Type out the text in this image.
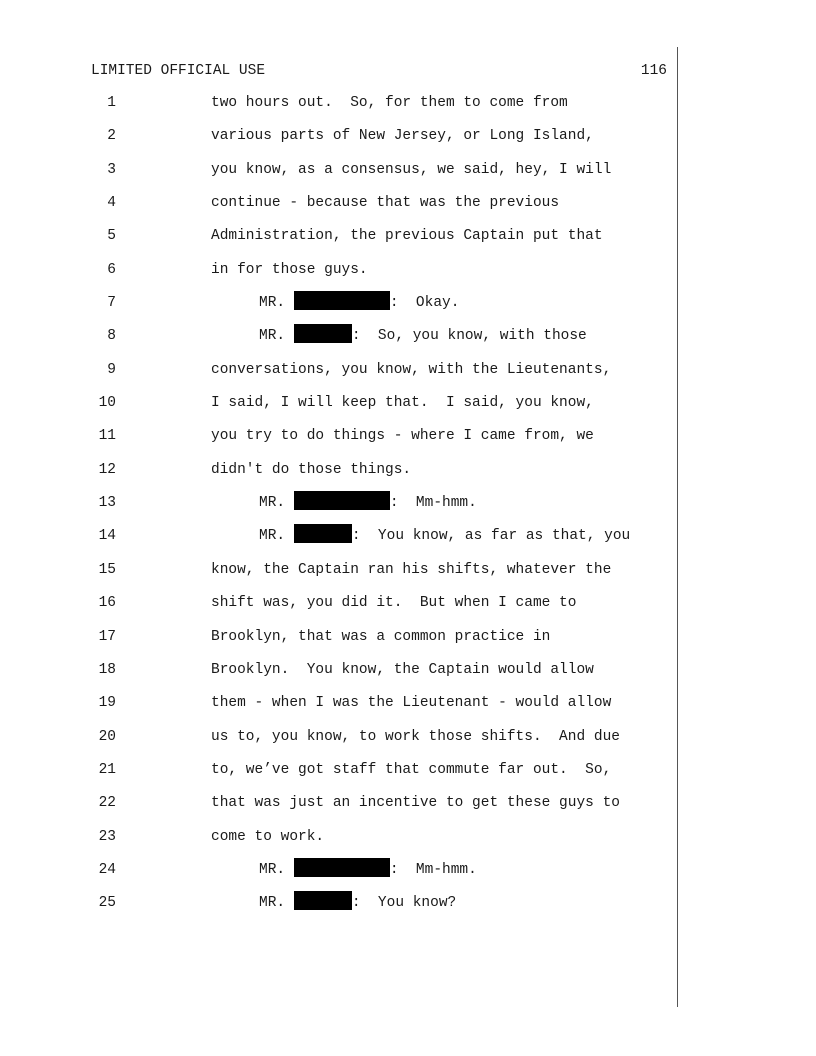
LIMITED OFFICIAL USE	116
1	two hours out.  So, for them to come from
2	various parts of New Jersey, or Long Island,
3	you know, as a consensus, we said, hey, I will
4	continue - because that was the previous
5	Administration, the previous Captain put that
6	in for those guys.
7	MR.	:  Okay.
8	MR.	:  So, you know, with those
9	conversations, you know, with the Lieutenants,
10	I said, I will keep that.  I said, you know,
11	you try to do things - where I came from, we
12	didn't do those things.
13	MR.	:  Mm-hmm.
14	MR.	:  You know, as far as that, you
15	know, the Captain ran his shifts, whatever the
16	shift was, you did it.  But when I came to
17	Brooklyn, that was a common practice in
18	Brooklyn.  You know, the Captain would allow
19	them - when I was the Lieutenant - would allow
20	us to, you know, to work those shifts.  And due
21	to, we’ve got staff that commute far out.  So,
22	that was just an incentive to get these guys to
23	come to work.
24	MR.	:  Mm-hmm.
25	MR.	:  You know?
